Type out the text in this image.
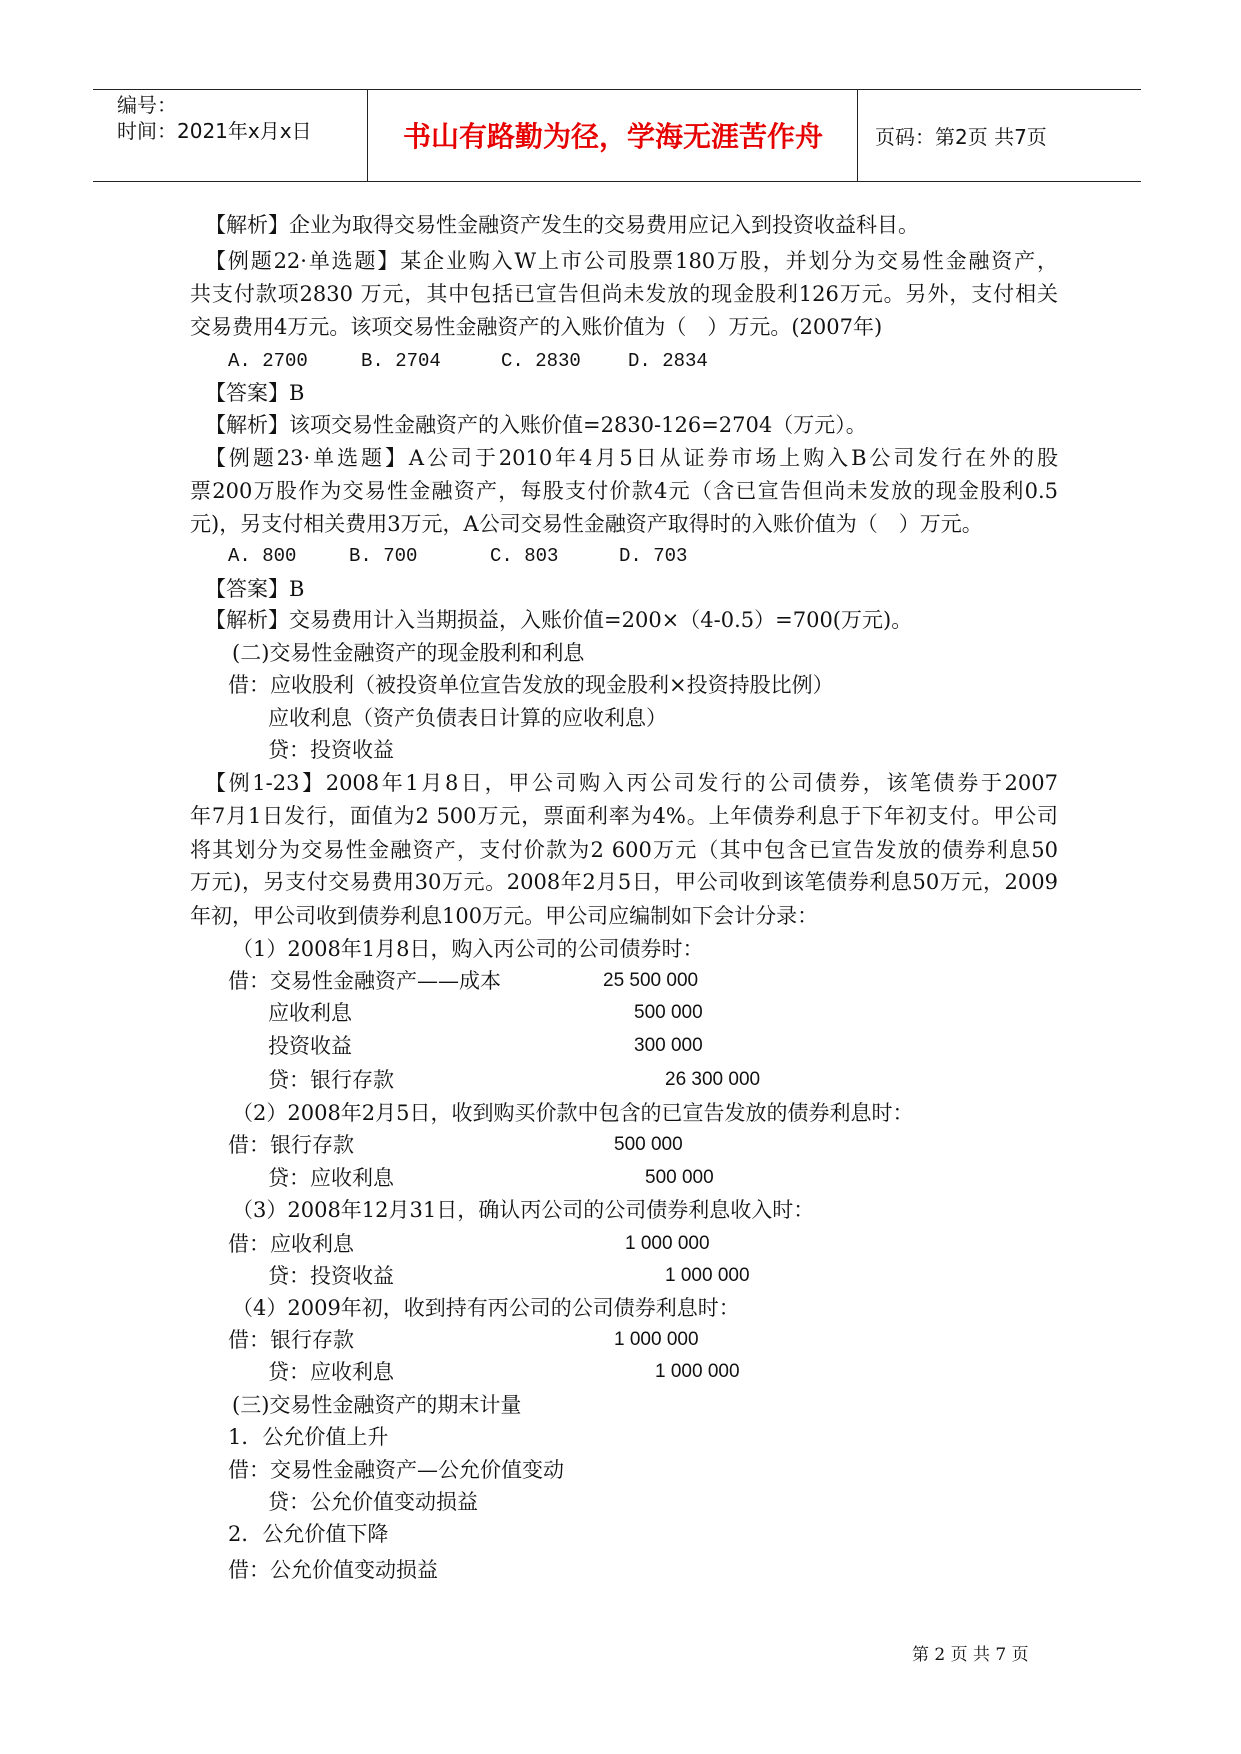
编号：
时间：2021年x月x日	书山有路勤为径，学海无涯苦作舟	页码：第2页 共7页
【解析】企业为取得交易性金融资产发生的交易费用应记入到投资收益科目。
【例题22·单选题】某企业购入W上市公司股票180万股，并划分为交易性金融资产，
共支付款项2830 万元，其中包括已宣告但尚未发放的现金股利126万元。另外，支付相关
交易费用4万元。该项交易性金融资产的入账价值为（　）万元。(2007年)
A. 2700	B. 2704	C. 2830 D. 2834
【答案】B
【解析】该项交易性金融资产的入账价值=2830-126=2704（万元）。
【例题23·单选题】A公司于2010年4月5日从证券市场上购入B公司发行在外的股
票200万股作为交易性金融资产，每股支付价款4元（含已宣告但尚未发放的现金股利0.5
元)，另支付相关费用3万元，A公司交易性金融资产取得时的入账价值为（　）万元。
A. 800	B. 700	C. 803	D. 703
【答案】B
【解析】交易费用计入当期损益，入账价值=200×（4-0.5）=700(万元)。
(二)交易性金融资产的现金股利和利息
借：应收股利（被投资单位宣告发放的现金股利×投资持股比例）
应收利息（资产负债表日计算的应收利息）
贷：投资收益
【例1-23】2008年1月8日，甲公司购入丙公司发行的公司债券，该笔债券于2007
年7月1日发行，面值为2 500万元，票面利率为4%。上年债券利息于下年初支付。甲公司
将其划分为交易性金融资产，支付价款为2 600万元（其中包含已宣告发放的债券利息50
万元)，另支付交易费用30万元。2008年2月5日，甲公司收到该笔债券利息50万元，2009
年初，甲公司收到债券利息100万元。甲公司应编制如下会计分录：
（1）2008年1月8日，购入丙公司的公司债券时：
借：交易性金融资产——成本	25 500 000
应收利息	500 000
投资收益	300 000
贷：银行存款	26 300 000
（2）2008年2月5日，收到购买价款中包含的已宣告发放的债券利息时：
借：银行存款	500 000
贷：应收利息	500 000
（3）2008年12月31日，确认丙公司的公司债券利息收入时：
借：应收利息	1 000 000
贷：投资收益	1 000 000
（4）2009年初，收到持有丙公司的公司债券利息时：
借：银行存款	1 000 000
贷：应收利息	1 000 000
(三)交易性金融资产的期末计量
1．公允价值上升
借：交易性金融资产—公允价值变动
贷：公允价值变动损益
2．公允价值下降
借：公允价值变动损益
第 2 页 共 7 页
